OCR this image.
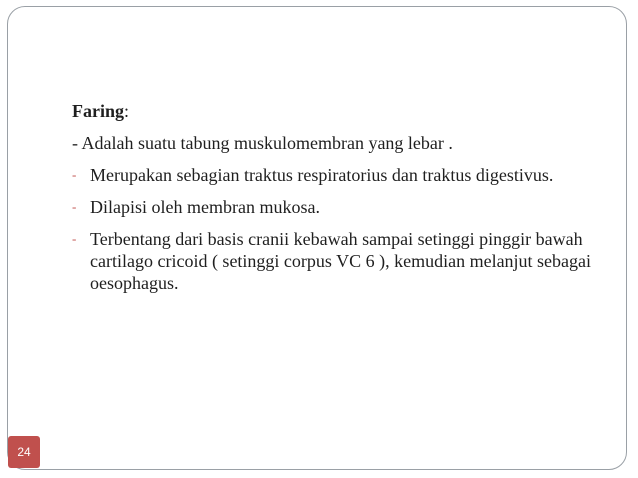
Faring:
- Adalah suatu tabung muskulomembran yang lebar .
- Merupakan sebagian traktus respiratorius dan traktus digestivus.
- Dilapisi oleh membran mukosa.
- Terbentang dari basis cranii kebawah sampai setinggi pinggir bawah cartilago cricoid ( setinggi corpus VC 6 ), kemudian melanjut sebagai oesophagus.
24
